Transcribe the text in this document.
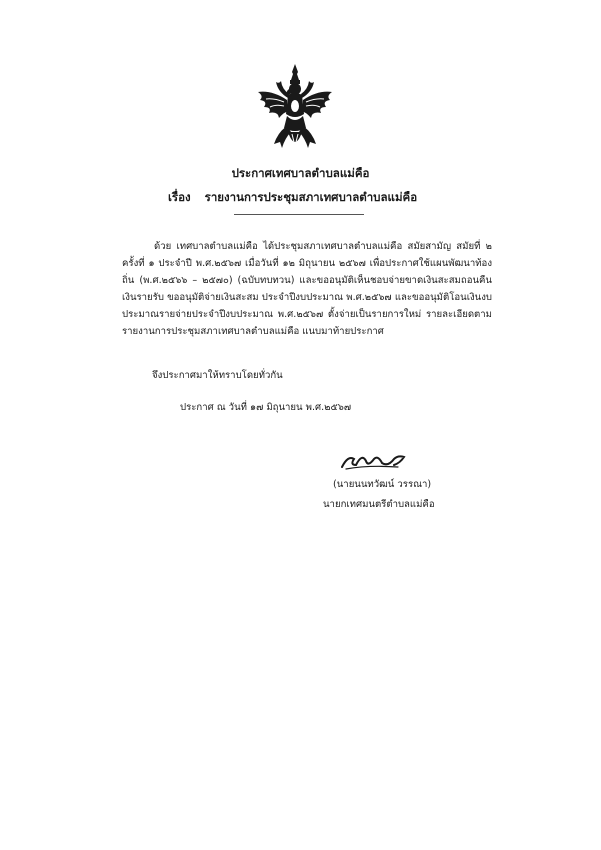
ประกาศเทศบาลตำบลแม่คือ
เรื่อง รายงานการประชุมสภาเทศบาลตำบลแม่คือ
ด้วย เทศบาลตำบลแม่คือ ได้ประชุมสภาเทศบาลตำบลแม่คือ สมัยสามัญ สมัยที่ ๒ ครั้งที่ ๑ ประจำปี พ.ศ.๒๕๖๗ เมื่อวันที่ ๑๒ มิถุนายน ๒๕๖๗ เพื่อประกาศใช้แผนพัฒนาท้องถิ่น (พ.ศ.๒๕๖๖ – ๒๕๗๐) (ฉบับทบทวน) และขออนุมัติเห็นชอบจ่ายขาดเงินสะสมถอนคืนเงินรายรับ ขออนุมัติจ่ายเงินสะสม ประจำปีงบประมาณ พ.ศ.๒๕๖๗ และขออนุมัติโอนเงินงบประมาณรายจ่ายประจำปีงบประมาณ พ.ศ.๒๕๖๗ ตั้งจ่ายเป็นรายการใหม่ รายละเอียดตามรายงานการประชุมสภาเทศบาลตำบลแม่คือ แนบมาท้ายประกาศ
จึงประกาศมาให้ทราบโดยทั่วกัน
ประกาศ ณ วันที่ ๑๗ มิถุนายน พ.ศ.๒๕๖๗
(นายนนทวัฒน์ วรรณา)
นายกเทศมนตรีตำบลแม่คือ
